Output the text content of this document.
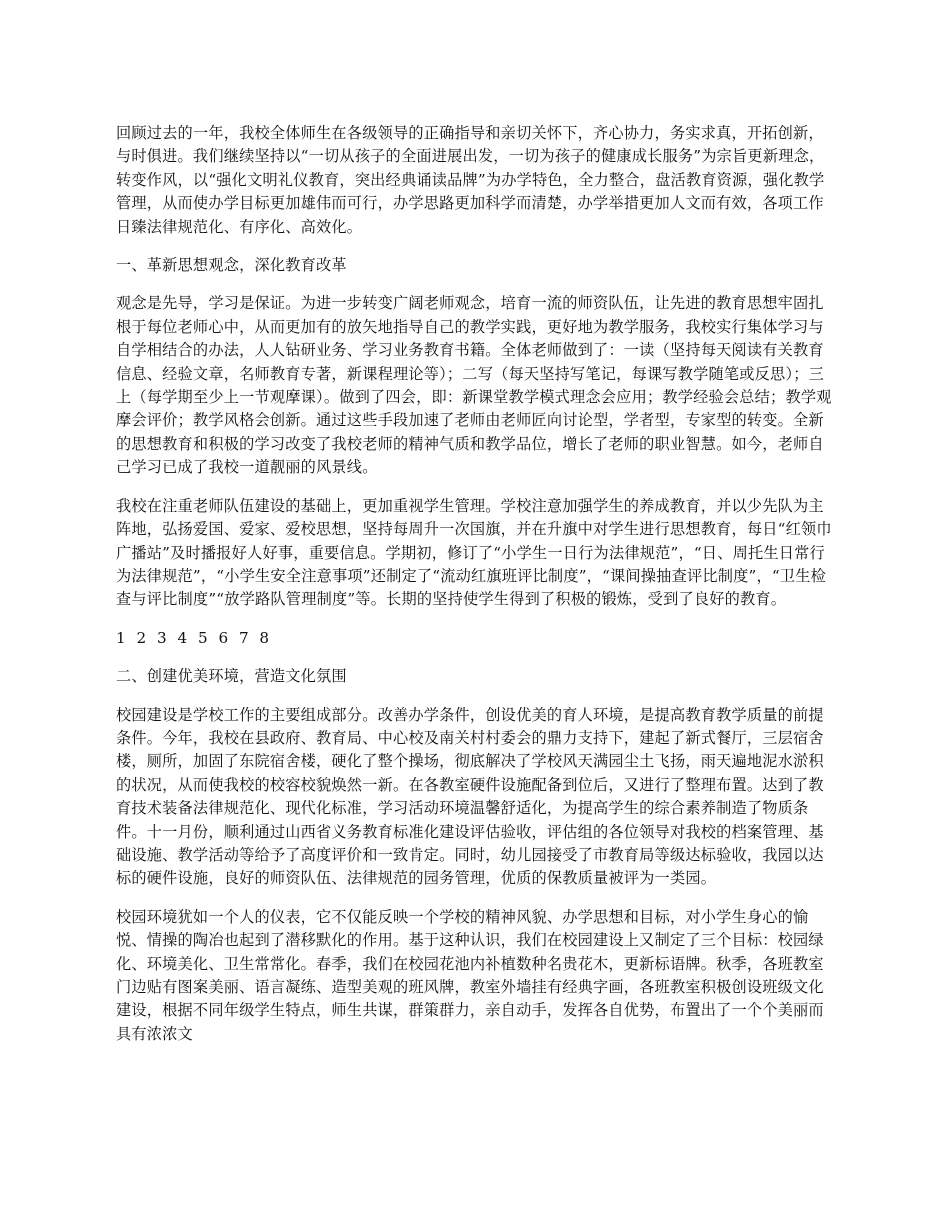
回顾过去的一年，我校全体师生在各级领导的正确指导和亲切关怀下，齐心协力，务实求真，开拓创新，与时俱进。我们继续坚持以“一切从孩子的全面进展出发，一切为孩子的健康成长服务”为宗旨更新理念，转变作风，以“强化文明礼仪教育，突出经典诵读品牌”为办学特色，全力整合，盘活教育资源，强化教学管理，从而使办学目标更加雄伟而可行，办学思路更加科学而清楚，办学举措更加人文而有效，各项工作日臻法律规范化、有序化、高效化。

一、革新思想观念，深化教育改革

观念是先导，学习是保证。为进一步转变广阔老师观念，培育一流的师资队伍，让先进的教育思想牢固扎根于每位老师心中，从而更加有的放矢地指导自己的教学实践，更好地为教学服务，我校实行集体学习与自学相结合的办法，人人钻研业务、学习业务教育书籍。全体老师做到了：一读（坚持每天阅读有关教育信息、经验文章，名师教育专著，新课程理论等）；二写（每天坚持写笔记，每课写教学随笔或反思）；三上（每学期至少上一节观摩课）。做到了四会，即：新课堂教学模式理念会应用；教学经验会总结；教学观摩会评价；教学风格会创新。通过这些手段加速了老师由老师匠向讨论型，学者型，专家型的转变。全新的思想教育和积极的学习改变了我校老师的精神气质和教学品位，增长了老师的职业智慧。如今，老师自己学习已成了我校一道靓丽的风景线。

我校在注重老师队伍建设的基础上，更加重视学生管理。学校注意加强学生的养成教育，并以少先队为主阵地，弘扬爱国、爱家、爱校思想，坚持每周升一次国旗，并在升旗中对学生进行思想教育，每日“红领巾广播站”及时播报好人好事，重要信息。学期初，修订了“小学生一日行为法律规范”，“日、周托生日常行为法律规范”，“小学生安全注意事项”还制定了“流动红旗班评比制度”，“课间操抽查评比制度”，“卫生检查与评比制度”“放学路队管理制度”等。长期的坚持使学生得到了积极的锻炼，受到了良好的教育。

1 2 3 4 5 6 7 8

二、创建优美环境，营造文化氛围

校园建设是学校工作的主要组成部分。改善办学条件，创设优美的育人环境，是提高教育教学质量的前提条件。今年，我校在县政府、教育局、中心校及南关村村委会的鼎力支持下，建起了新式餐厅，三层宿舍楼，厕所，加固了东院宿舍楼，硬化了整个操场，彻底解决了学校风天满园尘土飞扬，雨天遍地泥水淤积的状况，从而使我校的校容校貌焕然一新。在各教室硬件设施配备到位后，又进行了整理布置。达到了教育技术装备法律规范化、现代化标准，学习活动环境温馨舒适化，为提高学生的综合素养制造了物质条件。十一月份，顺利通过山西省义务教育标准化建设评估验收，评估组的各位领导对我校的档案管理、基础设施、教学活动等给予了高度评价和一致肯定。同时，幼儿园接受了市教育局等级达标验收，我园以达标的硬件设施，良好的师资队伍、法律规范的园务管理，优质的保教质量被评为一类园。

校园环境犹如一个人的仪表，它不仅能反映一个学校的精神风貌、办学思想和目标，对小学生身心的愉悦、情操的陶冶也起到了潜移默化的作用。基于这种认识，我们在校园建设上又制定了三个目标：校园绿化、环境美化、卫生常常化。春季，我们在校园花池内补植数种名贵花木，更新标语牌。秋季，各班教室门边贴有图案美丽、语言凝练、造型美观的班风牌，教室外墙挂有经典字画，各班教室积极创设班级文化建设，根据不同年级学生特点，师生共谋，群策群力，亲自动手，发挥各自优势，布置出了一个个美丽而具有浓浓文
